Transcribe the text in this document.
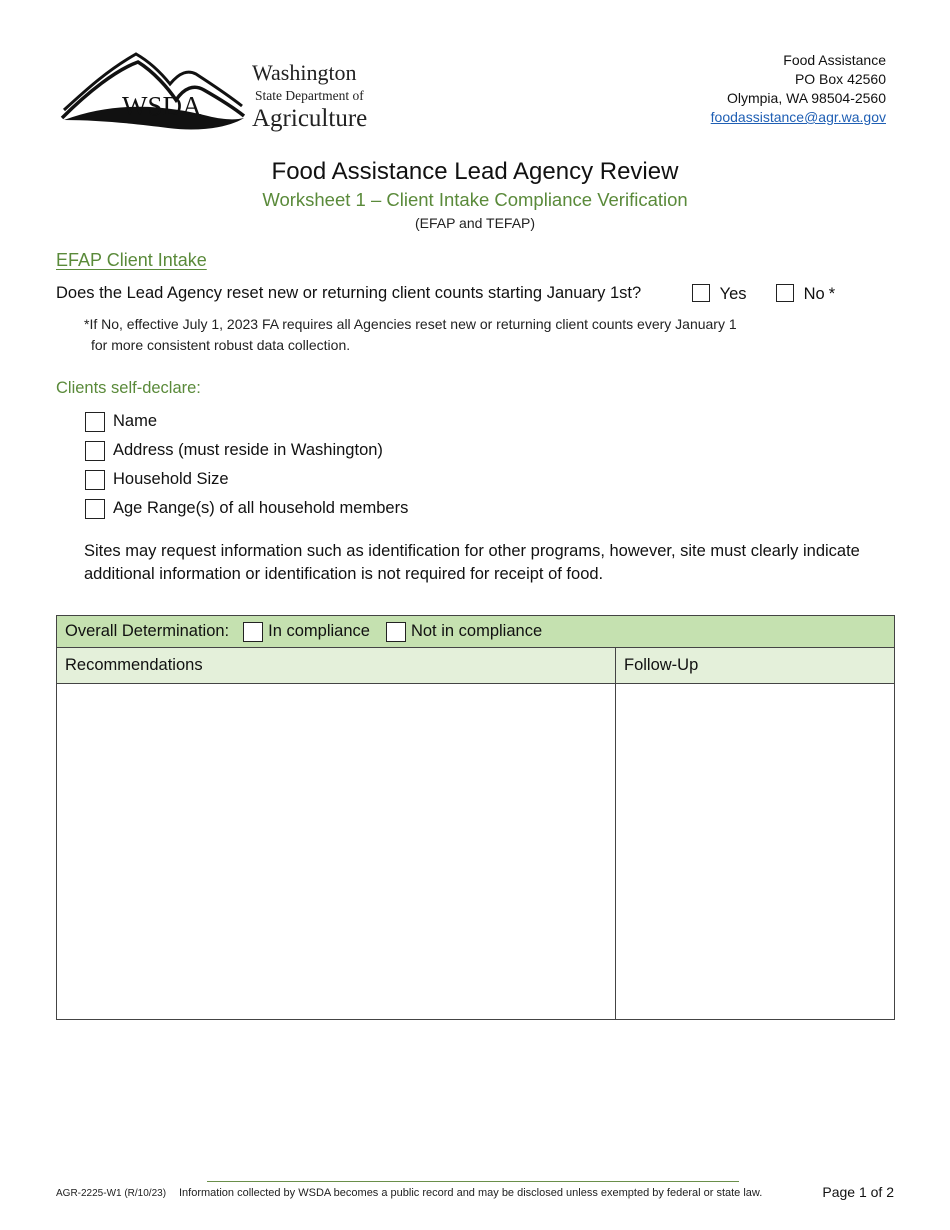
WSDA
Washington
State Department of
Agriculture
Food Assistance
PO Box 42560
Olympia, WA 98504-2560
foodassistance@agr.wa.gov
Food Assistance Lead Agency Review
Worksheet 1 – Client Intake Compliance Verification
(EFAP and TEFAP)
EFAP Client Intake
Does the Lead Agency reset new or returning client counts starting January 1st?	Yes	No *
*If No, effective July 1, 2023 FA requires all Agencies reset new or returning client counts every January 1
for more consistent robust data collection.
Clients self-declare:
Name
Address (must reside in Washington)
Household Size
Age Range(s) of all household members
Sites may request information such as identification for other programs, however, site must clearly indicate additional information or identification is not required for receipt of food.
Overall Determination: In compliance Not in compliance
Recommendations	Follow-Up
AGR-2225-W1 (R/10/23) Information collected by WSDA becomes a public record and may be disclosed unless exempted by federal or state law.	Page 1 of 2
